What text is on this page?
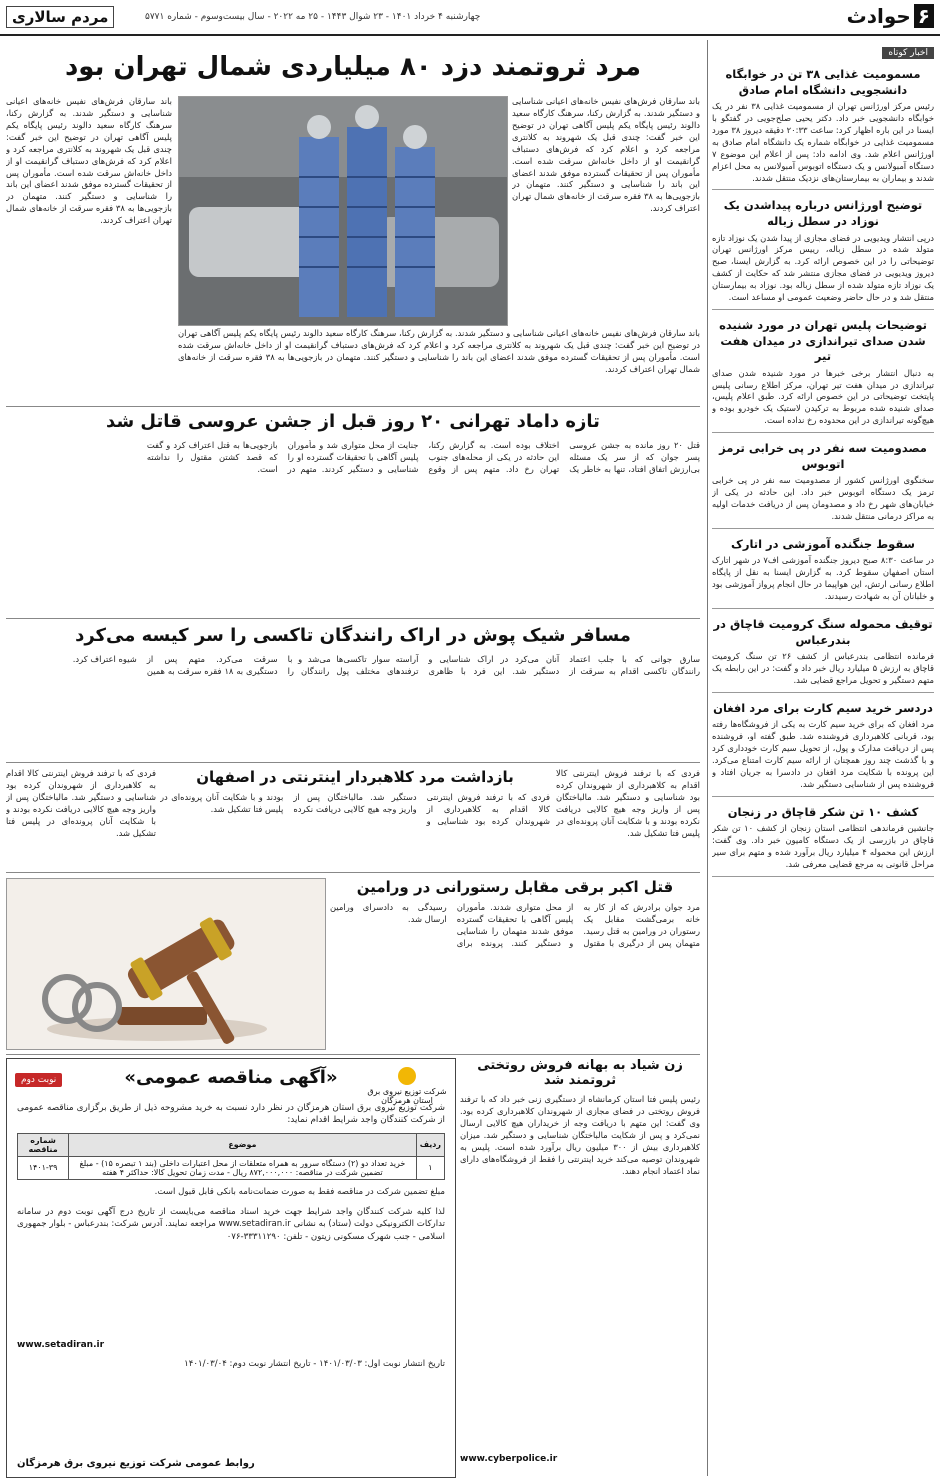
۶حوادث
چهارشنبه ۴ خرداد ۱۴۰۱ - ۲۳ شوال ۱۴۴۳ - ۲۵ مه ۲۰۲۲ - سال بیست‌وسوم - شماره ۵۷۷۱
مردم سالاری
اخبار کوتاه
مسمومیت غذایی ۳۸ تن در خوابگاه دانشجویی دانشگاه امام صادق
رئیس مرکز اورژانس تهران از مسمومیت غذایی ۳۸ نفر در یک خوابگاه دانشجویی خبر داد. دکتر یحیی صلح‌جویی در گفتگو با ایسنا در این باره اظهار کرد: ساعت ۲۰:۳۳ دقیقه دیروز ۳۸ مورد مسمومیت غذایی در خوابگاه شماره یک دانشگاه امام صادق به اورژانس اعلام شد. وی ادامه داد: پس از اعلام این موضوع ۷ دستگاه آمبولانس و یک دستگاه اتوبوس آمبولانس به محل اعزام شدند و بیماران به بیمارستان‌های نزدیک منتقل شدند.
توضیح اورژانس درباره پیداشدن یک نوزاد در سطل زباله
درپی انتشار ویدیویی در فضای مجازی از پیدا شدن یک نوزاد تازه متولد شده در سطل زباله، رییس مرکز اورژانس تهران توضیحاتی را در این خصوص ارائه کرد. به گزارش ایسنا، صبح دیروز ویدیویی در فضای مجازی منتشر شد که حکایت از کشف یک نوزاد تازه متولد شده از سطل زباله بود. نوزاد به بیمارستان منتقل شد و در حال حاضر وضعیت عمومی او مساعد است.
توضیحات پلیس تهران در مورد شنیده شدن صدای تیراندازی در میدان هفت تیر
به دنبال انتشار برخی خبرها در مورد شنیده شدن صدای تیراندازی در میدان هفت تیر تهران، مرکز اطلاع رسانی پلیس پایتخت توضیحاتی در این خصوص ارائه کرد. طبق اعلام پلیس، صدای شنیده شده مربوط به ترکیدن لاستیک یک خودرو بوده و هیچ‌گونه تیراندازی در این محدوده رخ نداده است.
مصدومیت سه نفر در پی خرابی ترمز اتوبوس
سخنگوی اورژانس کشور از مصدومیت سه نفر در پی خرابی ترمز یک دستگاه اتوبوس خبر داد. این حادثه در یکی از خیابان‌های شهر رخ داد و مصدومان پس از دریافت خدمات اولیه به مراکز درمانی منتقل شدند.
سقوط جنگنده آموزشی در اتارک
در ساعت ۸:۳۰ صبح دیروز جنگنده آموزشی اف‌۷ در شهر اتارک استان اصفهان سقوط کرد. به گزارش ایسنا به نقل از پایگاه اطلاع رسانی ارتش، این هواپیما در حال انجام پرواز آموزشی بود و خلبانان آن به شهادت رسیدند.
توقیف محموله سنگ کرومیت قاچاق در بندرعباس
فرمانده انتظامی بندرعباس از کشف ۲۶ تن سنگ کرومیت قاچاق به ارزش ۵ میلیارد ریال خبر داد و گفت: در این رابطه یک متهم دستگیر و تحویل مراجع قضایی شد.
دردسر خرید سیم کارت برای مرد افغان
مرد افغان که برای خرید سیم کارت به یکی از فروشگاه‌ها رفته بود، قربانی کلاهبرداری فروشنده شد. طبق گفته او، فروشنده پس از دریافت مدارک و پول، از تحویل سیم کارت خودداری کرد و با گذشت چند روز همچنان از ارائه سیم کارت امتناع می‌کرد. این پرونده با شکایت مرد افغان در دادسرا به جریان افتاد و فروشنده پس از شناسایی دستگیر شد.
کشف ۱۰ تن شکر قاچاق در زنجان
جانشین فرماندهی انتظامی استان زنجان از کشف ۱۰ تن شکر قاچاق در بازرسی از یک دستگاه کامیون خبر داد. وی گفت: ارزش این محموله ۴ میلیارد ریال برآورد شده و متهم برای سیر مراحل قانونی به مرجع قضایی معرفی شد.
مرد ثروتمند دزد ۸۰ میلیاردی شمال تهران بود
باند سارقان فرش‌های نفیس خانه‌های اعیانی شناسایی و دستگیر شدند. به گزارش رکنا، سرهنگ کارگاه سعید دالوند رئیس پایگاه یکم پلیس آگاهی تهران در توضیح این خبر گفت: چندی قبل یک شهروند به کلانتری مراجعه کرد و اعلام کرد که فرش‌های دستباف گرانقیمت او از داخل خانه‌اش سرقت شده است. مأموران پس از تحقیقات گسترده موفق شدند اعضای این باند را شناسایی و دستگیر کنند. متهمان در بازجویی‌ها به ۳۸ فقره سرقت از خانه‌های شمال تهران اعتراف کردند.
باند سارقان فرش‌های نفیس خانه‌های اعیانی شناسایی و دستگیر شدند. به گزارش رکنا، سرهنگ کارگاه سعید دالوند رئیس پایگاه یکم پلیس آگاهی تهران در توضیح این خبر گفت: چندی قبل یک شهروند به کلانتری مراجعه کرد و اعلام کرد که فرش‌های دستباف گرانقیمت او از داخل خانه‌اش سرقت شده است. مأموران پس از تحقیقات گسترده موفق شدند اعضای این باند را شناسایی و دستگیر کنند. متهمان در بازجویی‌ها به ۳۸ فقره سرقت از خانه‌های شمال تهران اعتراف کردند.
باند سارقان فرش‌های نفیس خانه‌های اعیانی شناسایی و دستگیر شدند. به گزارش رکنا، سرهنگ کارگاه سعید دالوند رئیس پایگاه یکم پلیس آگاهی تهران در توضیح این خبر گفت: چندی قبل یک شهروند به کلانتری مراجعه کرد و اعلام کرد که فرش‌های دستباف گرانقیمت او از داخل خانه‌اش سرقت شده است. مأموران پس از تحقیقات گسترده موفق شدند اعضای این باند را شناسایی و دستگیر کنند. متهمان در بازجویی‌ها به ۳۸ فقره سرقت از خانه‌های شمال تهران اعتراف کردند.
تازه داماد تهرانی ۲۰ روز قبل از جشن عروسی قاتل شد
قتل ۲۰ روز مانده به جشن عروسی پسر جوان که از سر یک مسئله بی‌ارزش اتفاق افتاد، تنها به خاطر یک اختلاف بوده است. به گزارش رکنا، این حادثه در یکی از محله‌های جنوب تهران رخ داد. متهم پس از وقوع جنایت از محل متواری شد و مأموران پلیس آگاهی با تحقیقات گسترده او را شناسایی و دستگیر کردند. متهم در بازجویی‌ها به قتل اعتراف کرد و گفت که قصد کشتن مقتول را نداشته است.
مسافر شیک پوش در اراک رانندگان تاکسی را سر کیسه می‌کرد
سارق جوانی که با جلب اعتماد رانندگان تاکسی اقدام به سرقت از آنان می‌کرد در اراک شناسایی و دستگیر شد. این فرد با ظاهری آراسته سوار تاکسی‌ها می‌شد و با ترفندهای مختلف پول رانندگان را سرقت می‌کرد. متهم پس از دستگیری به ۱۸ فقره سرقت به همین شیوه اعتراف کرد.
بازداشت مرد کلاهبردار اینترنتی در اصفهان
فردی که با ترفند فروش اینترنتی کالا اقدام به کلاهبرداری از شهروندان کرده بود شناسایی و دستگیر شد. مالباختگان پس از واریز وجه هیچ کالایی دریافت نکرده بودند و با شکایت آنان پرونده‌ای در پلیس فتا تشکیل شد.
فردی که با ترفند فروش اینترنتی کالا اقدام به کلاهبرداری از شهروندان کرده بود شناسایی و دستگیر شد. مالباختگان پس از واریز وجه هیچ کالایی دریافت نکرده بودند و با شکایت آنان پرونده‌ای در پلیس فتا تشکیل شد.
فردی که با ترفند فروش اینترنتی کالا اقدام به کلاهبرداری از شهروندان کرده بود شناسایی و دستگیر شد. مالباختگان پس از واریز وجه هیچ کالایی دریافت نکرده بودند و با شکایت آنان پرونده‌ای در پلیس فتا تشکیل شد.
قتل اکبر برقی مقابل رستورانی در ورامین
مرد جوان برادرش که از کار به خانه برمی‌گشت مقابل یک رستوران در ورامین به قتل رسید. متهمان پس از درگیری با مقتول از محل متواری شدند. مأموران پلیس آگاهی با تحقیقات گسترده موفق شدند متهمان را شناسایی و دستگیر کنند. پرونده برای رسیدگی به دادسرای ورامین ارسال شد.
زن شیاد به بهانه فروش روتختی ثروتمند شد
رئیس پلیس فتا استان کرمانشاه از دستگیری زنی خبر داد که با ترفند فروش روتختی در فضای مجازی از شهروندان کلاهبرداری کرده بود. وی گفت: این متهم با دریافت وجه از خریداران هیچ کالایی ارسال نمی‌کرد و پس از شکایت مالباختگان شناسایی و دستگیر شد. میزان کلاهبرداری بیش از ۳۰۰ میلیون ریال برآورد شده است. پلیس به شهروندان توصیه می‌کند خرید اینترنتی را فقط از فروشگاه‌های دارای نماد اعتماد انجام دهند.
www.cyberpolice.ir
نوبت دوم	«آگهی مناقصه عمومی»
شرکت توزیع نیروی برق استان هرمزگان
شرکت توزیع نیروی برق استان هرمزگان در نظر دارد نسبت به خرید مشروحه ذیل از طریق برگزاری مناقصه عمومی از شرکت کنندگان واجد شرایط اقدام نماید:
ردیف	موضوع	شماره مناقصه
۱	خرید تعداد دو (۲) دستگاه سرور به همراه متعلقات از محل اعتبارات داخلی (بند ۱ تبصره ۱۵) - مبلغ تضمین شرکت در مناقصه: ۸۷۲,۰۰۰,۰۰۰ ریال - مدت زمان تحویل کالا: حداکثر ۴ هفته	۱۴۰۱-۳۹
مبلغ تضمین شرکت در مناقصه فقط به صورت ضمانت‌نامه بانکی قابل قبول است.
لذا کلیه شرکت کنندگان واجد شرایط جهت خرید اسناد مناقصه می‌بایست از تاریخ درج آگهی نوبت دوم در سامانه تدارکات الکترونیکی دولت (ستاد) به نشانی www.setadiran.ir مراجعه نمایند. آدرس شرکت: بندرعباس - بلوار جمهوری اسلامی - جنب شهرک مسکونی زیتون - تلفن: ۳۳۳۱۱۲۹۰-۰۷۶
www.setadiran.ir
تاریخ انتشار نوبت اول: ۱۴۰۱/۰۳/۰۳ - تاریخ انتشار نوبت دوم: ۱۴۰۱/۰۳/۰۴
روابط عمومی شرکت توزیع نیروی برق هرمزگان
